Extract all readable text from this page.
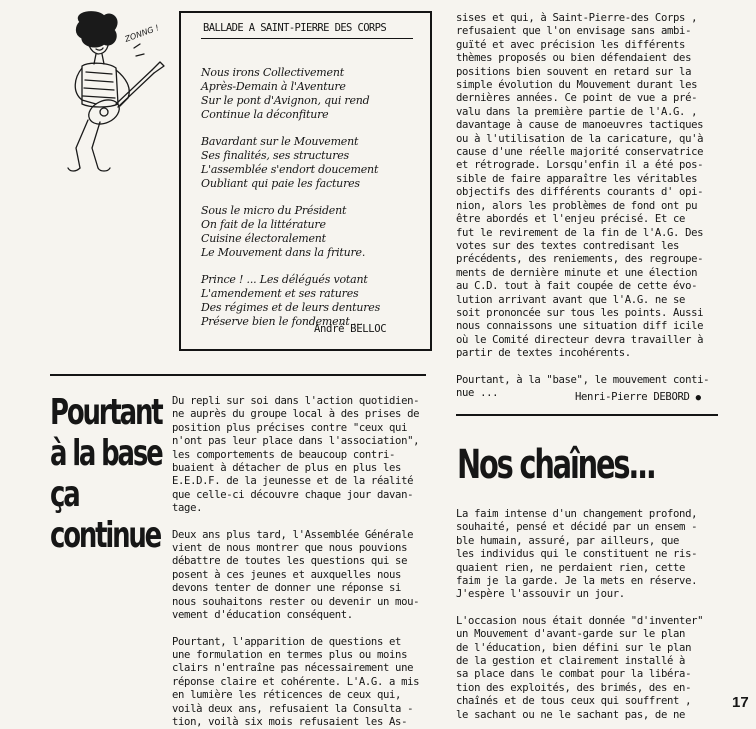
ZONNG !	BALLADE A SAINT-PIERRE DES CORPS

Nous irons Collectivement

Après-Demain à l'Aventure

Sur le pont d'Avignon, qui rend

Continue la déconfiture

Bavardant sur le Mouvement

Ses finalités, ses structures

L'assemblée s'endort doucement

Oubliant qui paie les factures

Sous le micro du Président

On fait de la littérature

Cuisine électoralement

Le Mouvement dans la friture.

Prince ! ... Les délégués votant

L'amendement et ses ratures

Des régimes et de leurs dentures

Préserve bien le fondement ...

André BELLOC

sises et qui, à Saint-Pierre-des Corps ,

refusaient que l'on envisage sans ambi-

guïté et avec précision les différents

thèmes proposés ou bien défendaient des

positions bien souvent en retard sur la

simple évolution du Mouvement durant les

dernières années. Ce point de vue a pré-

valu dans la première partie de l'A.G. ,

davantage à cause de manoeuvres tactiques

ou à l'utilisation de la caricature, qu'à

cause d'une réelle majorité conservatrice

et rétrograde. Lorsqu'enfin il a été pos-

sible de faire apparaître les véritables

objectifs des différents courants d' opi-

nion, alors les problèmes de fond ont pu

être abordés et l'enjeu précisé. Et ce

fut le revirement de la fin de l'A.G. Des

votes sur des textes contredisant les

précédents, des reniements, des regroupe-

ments de dernière minute et une élection

au C.D. tout à fait coupée de cette évo-

lution arrivant avant que l'A.G. ne se

soit prononcée sur tous les points. Aussi

nous connaissons une situation diff icile

où le Comité directeur devra travailler à

partir de textes incohérents.

Pourtant, à la "base", le mouvement conti-

nue ...	Henri-Pierre DEBORD ●
Pourtant
à la base
ça
continue

Du repli sur soi dans l'action quotidien-

ne auprès du groupe local à des prises de

position plus précises contre "ceux qui

n'ont pas leur place dans l'association",

les comportements de beaucoup contri-

buaient à détacher de plus en plus les

E.E.D.F. de la jeunesse et de la réalité

que celle-ci découvre chaque jour davan-

tage.

Deux ans plus tard, l'Assemblée Générale

vient de nous montrer que nous pouvions

débattre de toutes les questions qui se

posent à ces jeunes et auxquelles nous

devons tenter de donner une réponse si

nous souhaitons rester ou devenir un mou-

vement d'éducation conséquent.

Pourtant, l'apparition de questions et

une formulation en termes plus ou moins

clairs n'entraîne pas nécessairement une

réponse claire et cohérente. L'A.G. a mis

en lumière les réticences de ceux qui,

voilà deux ans, refusaient la Consulta -

tion, voilà six mois refusaient les As-

Nos chaînes...

La faim intense d'un changement profond,

souhaité, pensé et décidé par un ensem -

ble humain, assuré, par ailleurs, que

les individus qui le constituent ne ris-

quaient rien, ne perdaient rien, cette

faim je la garde. Je la mets en réserve.

J'espère l'assouvir un jour.

L'occasion nous était donnée "d'inventer"

un Mouvement d'avant-garde sur le plan

de l'éducation, bien défini sur le plan

de la gestion et clairement installé à

sa place dans le combat pour la libéra-

tion des exploités, des brimés, des en-

chaînés et de tous ceux qui souffrent ,

le sachant ou ne le sachant pas, de ne

17
